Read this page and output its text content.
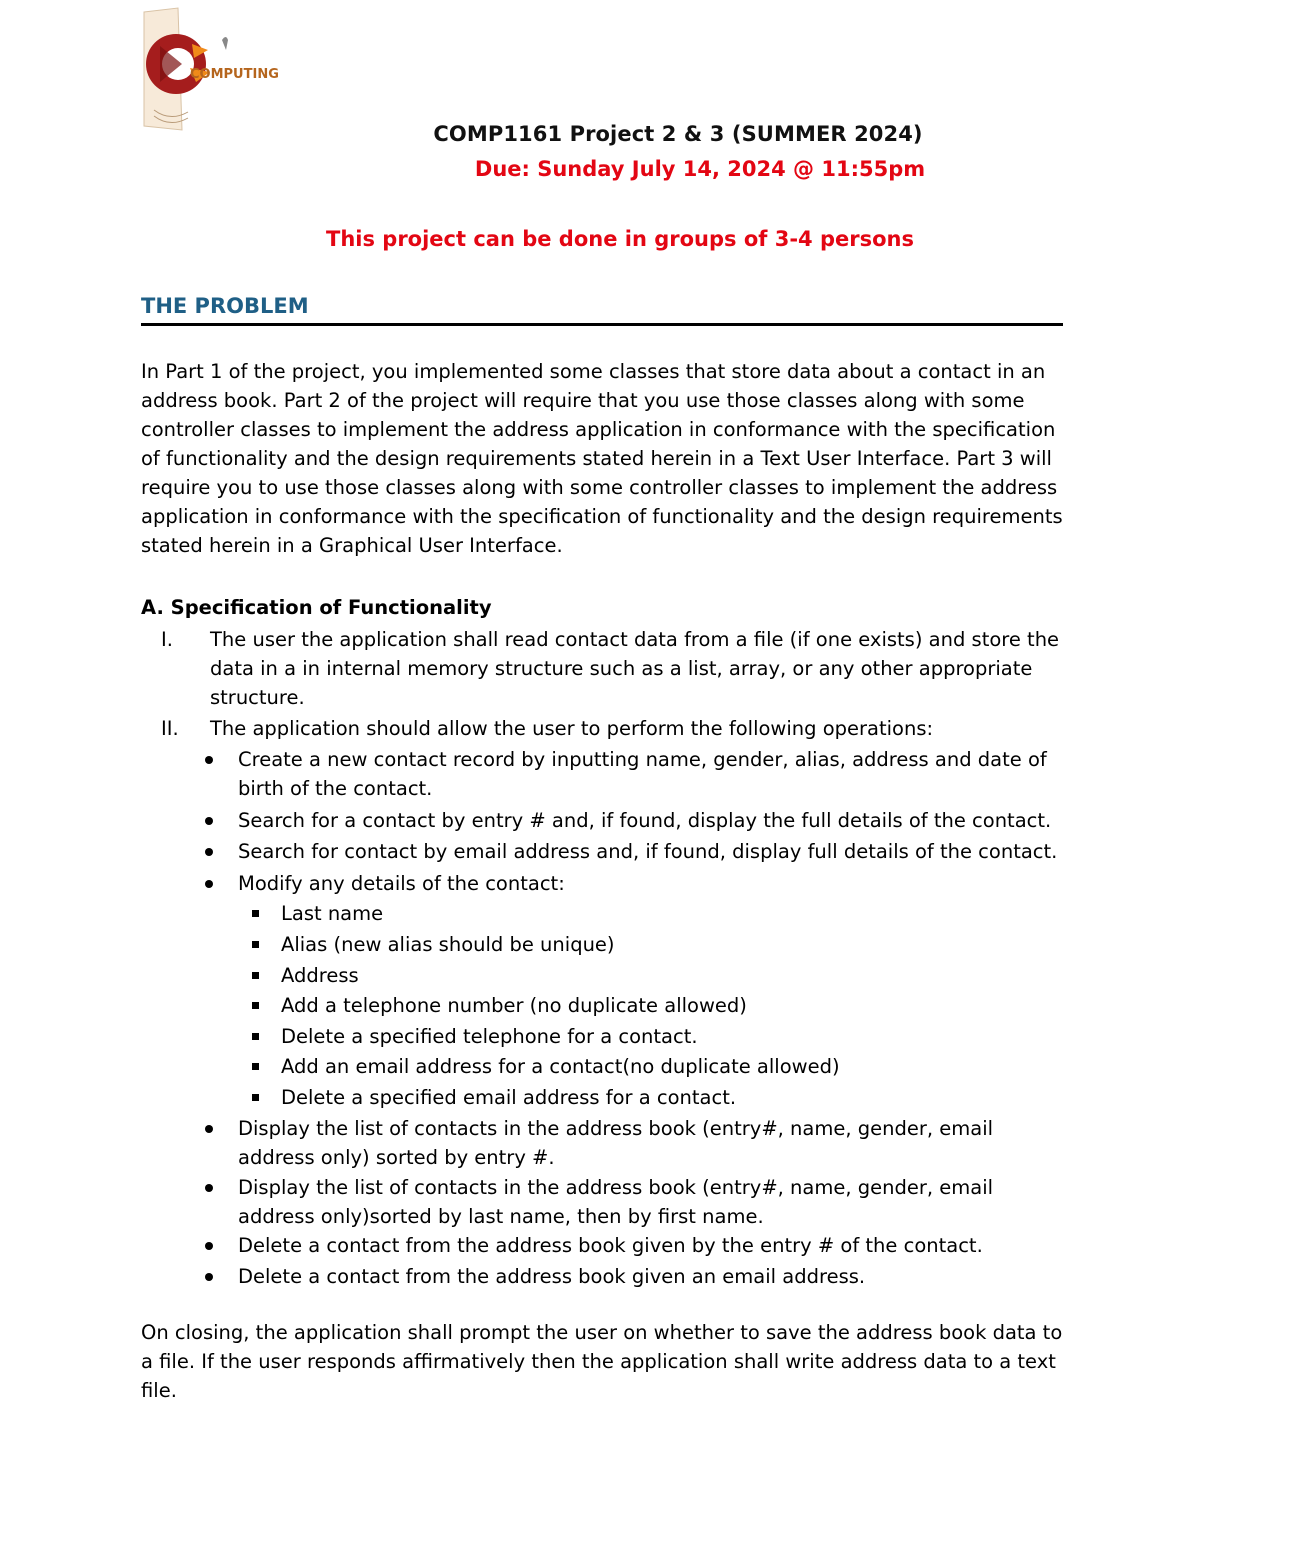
COMPUTING
COMP1161 Project 2 & 3 (SUMMER 2024)

Due: Sunday July 14, 2024 @ 11:55pm

This project can be done in groups of 3-4 persons

THE PROBLEM

In Part 1 of the project, you implemented some classes that store data about a contact in an address book. Part 2 of the project will require that you use those classes along with some controller classes to implement the address application in conformance with the specification of functionality and the design requirements stated herein in a Text User Interface. Part 3 will require you to use those classes along with some controller classes to implement the address application in conformance with the specification of functionality and the design requirements stated herein in a Graphical User Interface.

A. Specification of Functionality
I. The user the application shall read contact data from a file (if one exists) and store the data in a in internal memory structure such as a list, array, or any other appropriate structure.
II. The application should allow the user to perform the following operations:
Create a new contact record by inputting name, gender, alias, address and date of birth of the contact.
Search for a contact by entry # and, if found, display the full details of the contact.
Search for contact by email address and, if found, display full details of the contact.
Modify any details of the contact:
Last name
Alias (new alias should be unique)
Address
Add a telephone number (no duplicate allowed)
Delete a specified telephone for a contact.
Add an email address for a contact(no duplicate allowed)
Delete a specified email address for a contact.
Display the list of contacts in the address book (entry#, name, gender, email address only) sorted by entry #.
Display the list of contacts in the address book (entry#, name, gender, email address only)sorted by last name, then by first name.
Delete a contact from the address book given by the entry # of the contact.
Delete a contact from the address book given an email address.

On closing, the application shall prompt the user on whether to save the address book data to a file. If the user responds affirmatively then the application shall write address data to a text file.
